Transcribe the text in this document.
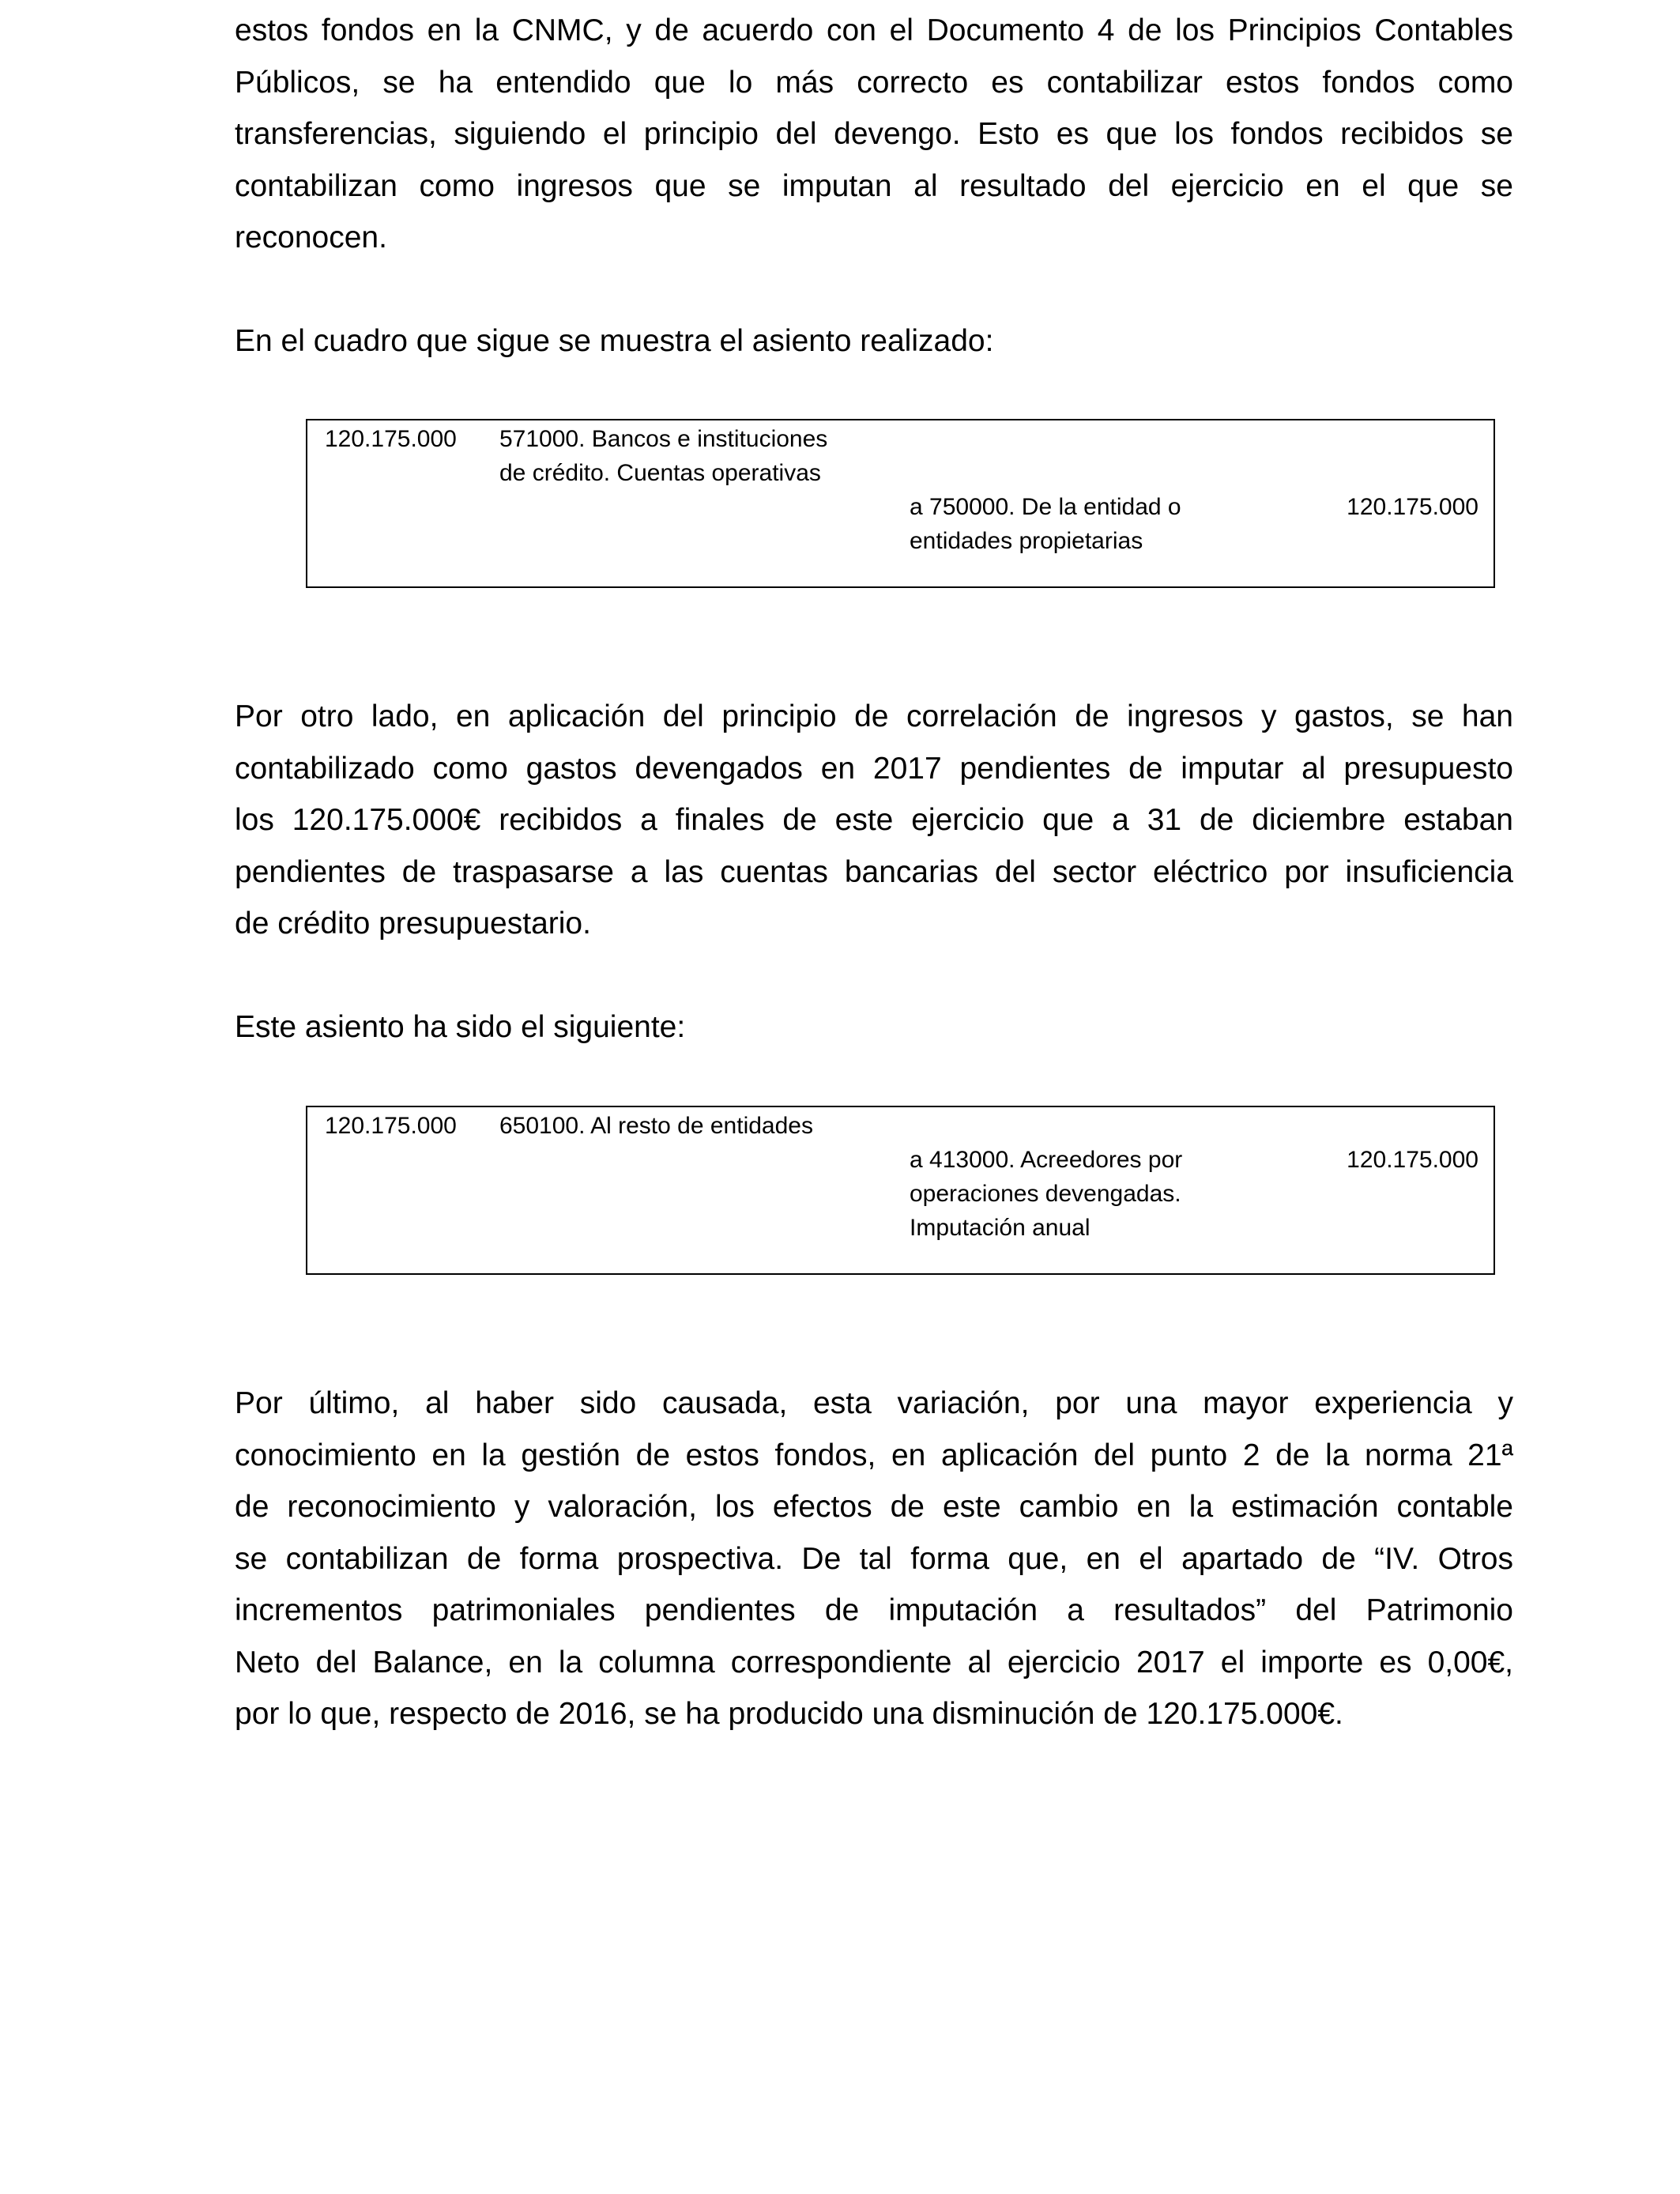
estos fondos en la CNMC, y de acuerdo con el Documento 4 de los Principios Contables
Públicos, se ha entendido que lo más correcto es contabilizar estos fondos como
transferencias, siguiendo el principio del devengo. Esto es que los fondos recibidos se
contabilizan como ingresos que se imputan al resultado del ejercicio en el que se
reconocen.

En el cuadro que sigue se muestra el asiento realizado:

120.175.000 571000. Bancos e instituciones
de crédito. Cuentas operativas
a 750000. De la entidad o
entidades propietarias
120.175.000
Por otro lado, en aplicación del principio de correlación de ingresos y gastos, se han
contabilizado como gastos devengados en 2017 pendientes de imputar al presupuesto
los 120.175.000€ recibidos a finales de este ejercicio que a 31 de diciembre estaban
pendientes de traspasarse a las cuentas bancarias del sector eléctrico por insuficiencia
de crédito presupuestario.

Este asiento ha sido el siguiente:

120.175.000 650100. Al resto de entidades
a 413000. Acreedores por
operaciones devengadas.
Imputación anual
120.175.000
Por último, al haber sido causada, esta variación, por una mayor experiencia y
conocimiento en la gestión de estos fondos, en aplicación del punto 2 de la norma 21ª
de reconocimiento y valoración, los efectos de este cambio en la estimación contable
se contabilizan de forma prospectiva. De tal forma que, en el apartado de “IV. Otros
incrementos patrimoniales pendientes de imputación a resultados” del Patrimonio
Neto del Balance, en la columna correspondiente al ejercicio 2017 el importe es 0,00€,
por lo que, respecto de 2016, se ha producido una disminución de 120.175.000€.
